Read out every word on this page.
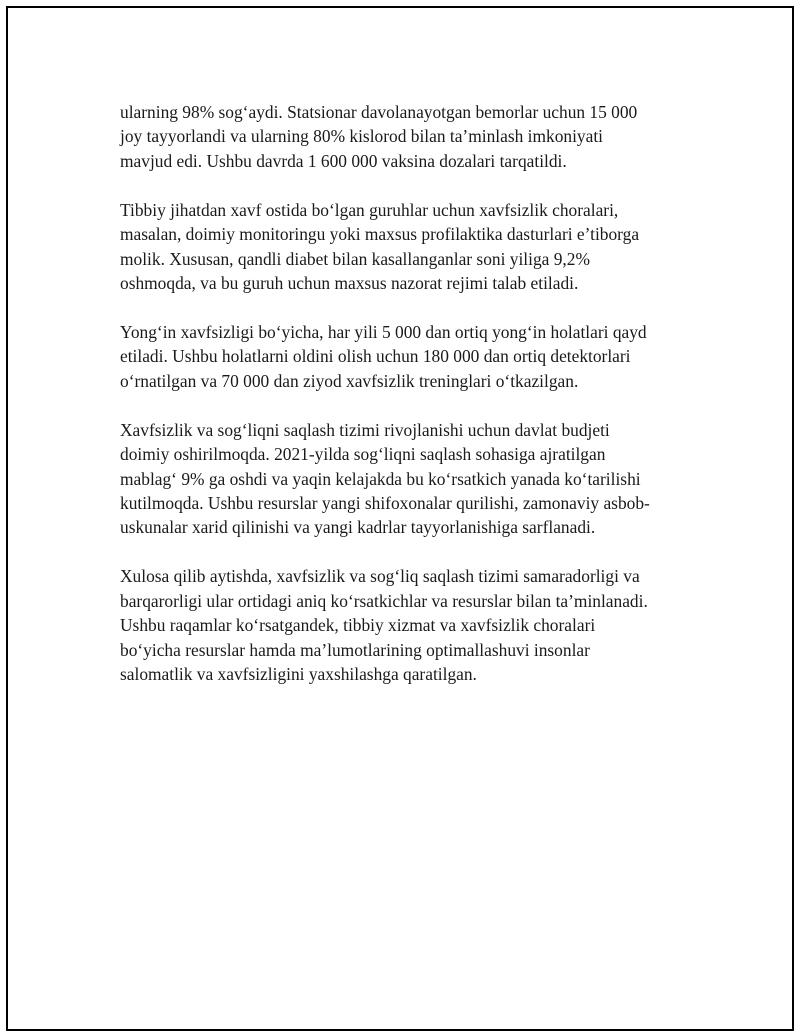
ularning 98% sog‘aydi. Statsionar davolanayotgan bemorlar uchun 15 000
joy tayyorlandi va ularning 80% kislorod bilan ta’minlash imkoniyati
mavjud edi. Ushbu davrda 1 600 000 vaksina dozalari tarqatildi.

Tibbiy jihatdan xavf ostida bo‘lgan guruhlar uchun xavfsizlik choralari,
masalan, doimiy monitoringu yoki maxsus profilaktika dasturlari e’tiborga
molik. Xususan, qandli diabet bilan kasallanganlar soni yiliga 9,2%
oshmoqda, va bu guruh uchun maxsus nazorat rejimi talab etiladi.

Yong‘in xavfsizligi bo‘yicha, har yili 5 000 dan ortiq yong‘in holatlari qayd
etiladi. Ushbu holatlarni oldini olish uchun 180 000 dan ortiq detektorlari
o‘rnatilgan va 70 000 dan ziyod xavfsizlik treninglari o‘tkazilgan.

Xavfsizlik va sog‘liqni saqlash tizimi rivojlanishi uchun davlat budjeti
doimiy oshirilmoqda. 2021-yilda sog‘liqni saqlash sohasiga ajratilgan
mablag‘ 9% ga oshdi va yaqin kelajakda bu ko‘rsatkich yanada ko‘tarilishi
kutilmoqda. Ushbu resurslar yangi shifoxonalar qurilishi, zamonaviy asbob-
uskunalar xarid qilinishi va yangi kadrlar tayyorlanishiga sarflanadi.

Xulosa qilib aytishda, xavfsizlik va sog‘liq saqlash tizimi samaradorligi va
barqarorligi ular ortidagi aniq ko‘rsatkichlar va resurslar bilan ta’minlanadi.
Ushbu raqamlar ko‘rsatgandek, tibbiy xizmat va xavfsizlik choralari
bo‘yicha resurslar hamda ma’lumotlarining optimallashuvi insonlar
salomatlik va xavfsizligini yaxshilashga qaratilgan.
